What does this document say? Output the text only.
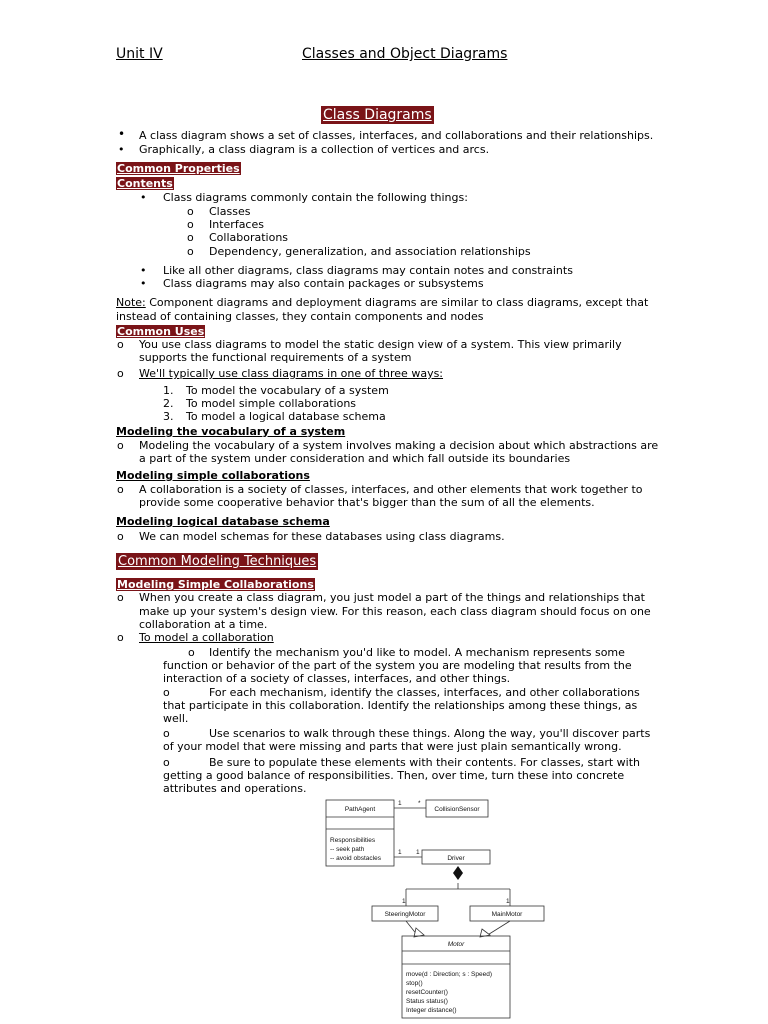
Unit IV	Classes and Object Diagrams
Class Diagrams
• A class diagram shows a set of classes, interfaces, and collaborations and their relationships.
• Graphically, a class diagram is a collection of vertices and arcs.
Common Properties
Contents
• Class diagrams commonly contain the following things:
o Classes
o Interfaces
o Collaborations
o Dependency, generalization, and association relationships
• Like all other diagrams, class diagrams may contain notes and constraints
• Class diagrams may also contain packages or subsystems
Note: Component diagrams and deployment diagrams are similar to class diagrams, except that
instead of containing classes, they contain components and nodes
Common Uses
o You use class diagrams to model the static design view of a system. This view primarily
supports the functional requirements of a system
o We'll typically use class diagrams in one of three ways:
1. To model the vocabulary of a system
2. To model simple collaborations
3. To model a logical database schema
Modeling the vocabulary of a system
o Modeling the vocabulary of a system involves making a decision about which abstractions are
a part of the system under consideration and which fall outside its boundaries
Modeling simple collaborations
o A collaboration is a society of classes, interfaces, and other elements that work together to
provide some cooperative behavior that's bigger than the sum of all the elements.
Modeling logical database schema
o We can model schemas for these databases using class diagrams.
Common Modeling Techniques
Modeling Simple Collaborations
o When you create a class diagram, you just model a part of the things and relationships that
make up your system's design view. For this reason, each class diagram should focus on one
collaboration at a time.
o To model a collaboration
o Identify the mechanism you'd like to model. A mechanism represents some
function or behavior of the part of the system you are modeling that results from the
interaction of a society of classes, interfaces, and other things.
o	For each mechanism, identify the classes, interfaces, and other collaborations
that participate in this collaboration. Identify the relationships among these things, as
well.
o	Use scenarios to walk through these things. Along the way, you'll discover parts
of your model that were missing and parts that were just plain semantically wrong.
o	Be sure to populate these elements with their contents. For classes, start with
getting a good balance of responsibilities. Then, over time, turn these into concrete
attributes and operations.
PathAgent	CollisionSensor
Responsibilities
-- seek path
-- avoid obstacles	Driver
SteeringMotor	MainMotor
Motor
move(d : Direction; s : Speed)
stop()
resetCounter()
Status status()
Integer distance()
1	*
1 1
1	1
